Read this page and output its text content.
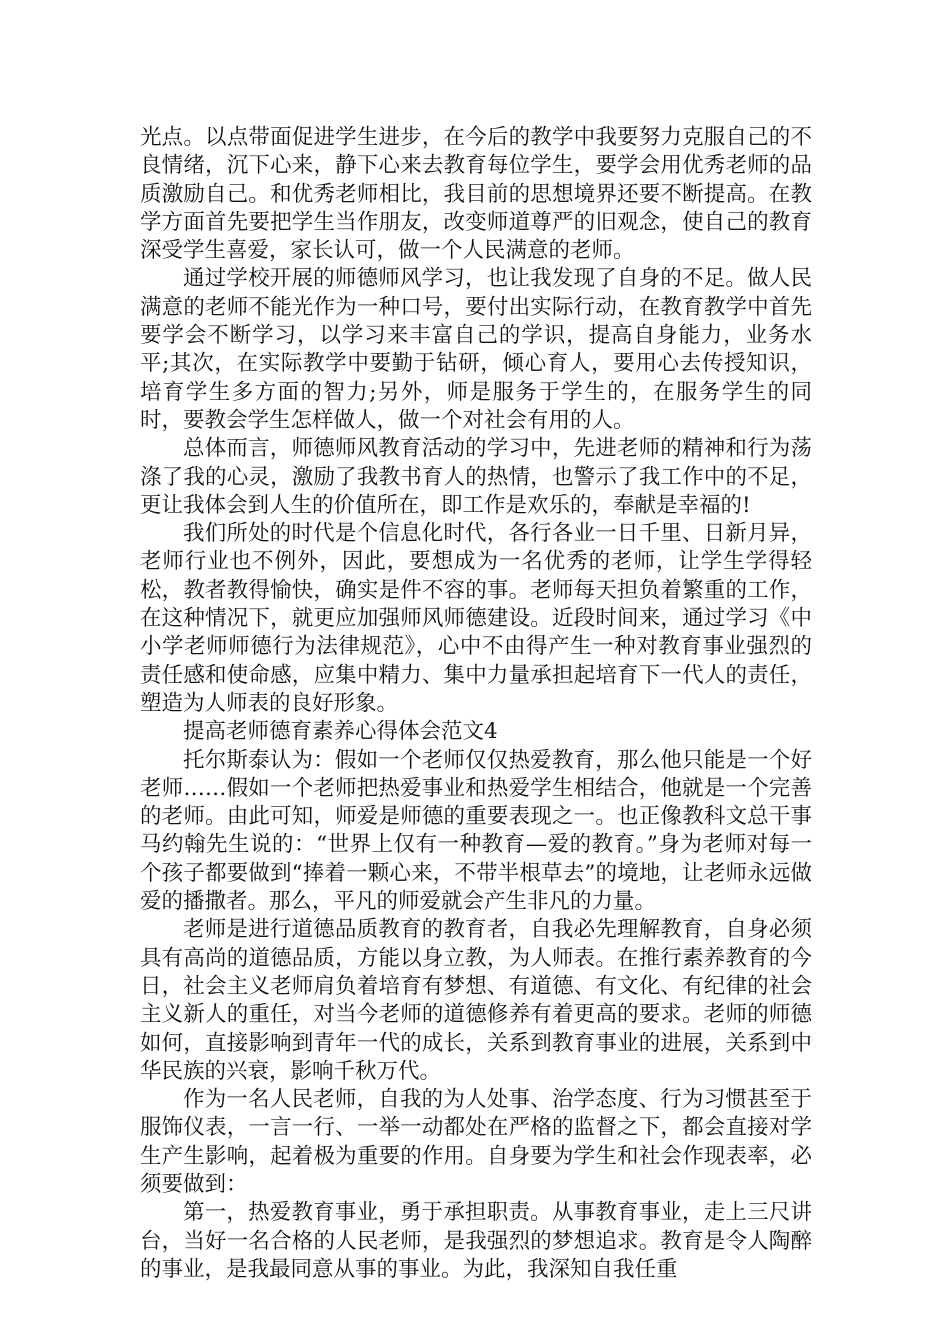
光点。以点带面促进学生进步，在今后的教学中我要努力克服自己的不良情绪，沉下心来，静下心来去教育每位学生，要学会用优秀老师的品质激励自己。和优秀老师相比，我目前的思想境界还要不断提高。在教学方面首先要把学生当作朋友，改变师道尊严的旧观念，使自己的教育深受学生喜爱，家长认可，做一个人民满意的老师。

通过学校开展的师德师风学习，也让我发现了自身的不足。做人民满意的老师不能光作为一种口号，要付出实际行动，在教育教学中首先要学会不断学习，以学习来丰富自己的学识，提高自身能力，业务水平;其次，在实际教学中要勤于钻研，倾心育人，要用心去传授知识，培育学生多方面的智力;另外，师是服务于学生的，在服务学生的同时，要教会学生怎样做人，做一个对社会有用的人。

总体而言，师德师风教育活动的学习中，先进老师的精神和行为荡涤了我的心灵，激励了我教书育人的热情，也警示了我工作中的不足，更让我体会到人生的价值所在，即工作是欢乐的，奉献是幸福的!

我们所处的时代是个信息化时代，各行各业一日千里、日新月异，老师行业也不例外，因此，要想成为一名优秀的老师，让学生学得轻松，教者教得愉快，确实是件不容的事。老师每天担负着繁重的工作，在这种情况下，就更应加强师风师德建设。近段时间来，通过学习《中小学老师师德行为法律规范》，心中不由得产生一种对教育事业强烈的责任感和使命感，应集中精力、集中力量承担起培育下一代人的责任，塑造为人师表的良好形象。

提高老师德育素养心得体会范文4

托尔斯泰认为：假如一个老师仅仅热爱教育，那么他只能是一个好老师……假如一个老师把热爱事业和热爱学生相结合，他就是一个完善的老师。由此可知，师爱是师德的重要表现之一。也正像教科文总干事马约翰先生说的：“世界上仅有一种教育—爱的教育。”身为老师对每一个孩子都要做到“捧着一颗心来，不带半根草去”的境地，让老师永远做爱的播撒者。那么，平凡的师爱就会产生非凡的力量。

老师是进行道德品质教育的教育者，自我必先理解教育，自身必须具有高尚的道德品质，方能以身立教，为人师表。在推行素养教育的今日，社会主义老师肩负着培育有梦想、有道德、有文化、有纪律的社会主义新人的重任，对当今老师的道德修养有着更高的要求。老师的师德如何，直接影响到青年一代的成长，关系到教育事业的进展，关系到中华民族的兴衰，影响千秋万代。

作为一名人民老师，自我的为人处事、治学态度、行为习惯甚至于服饰仪表，一言一行、一举一动都处在严格的监督之下，都会直接对学生产生影响，起着极为重要的作用。自身要为学生和社会作现表率，必须要做到：

第一，热爱教育事业，勇于承担职责。从事教育事业，走上三尺讲台，当好一名合格的人民老师，是我强烈的梦想追求。教育是令人陶醉的事业，是我最同意从事的事业。为此，我深知自我任重
